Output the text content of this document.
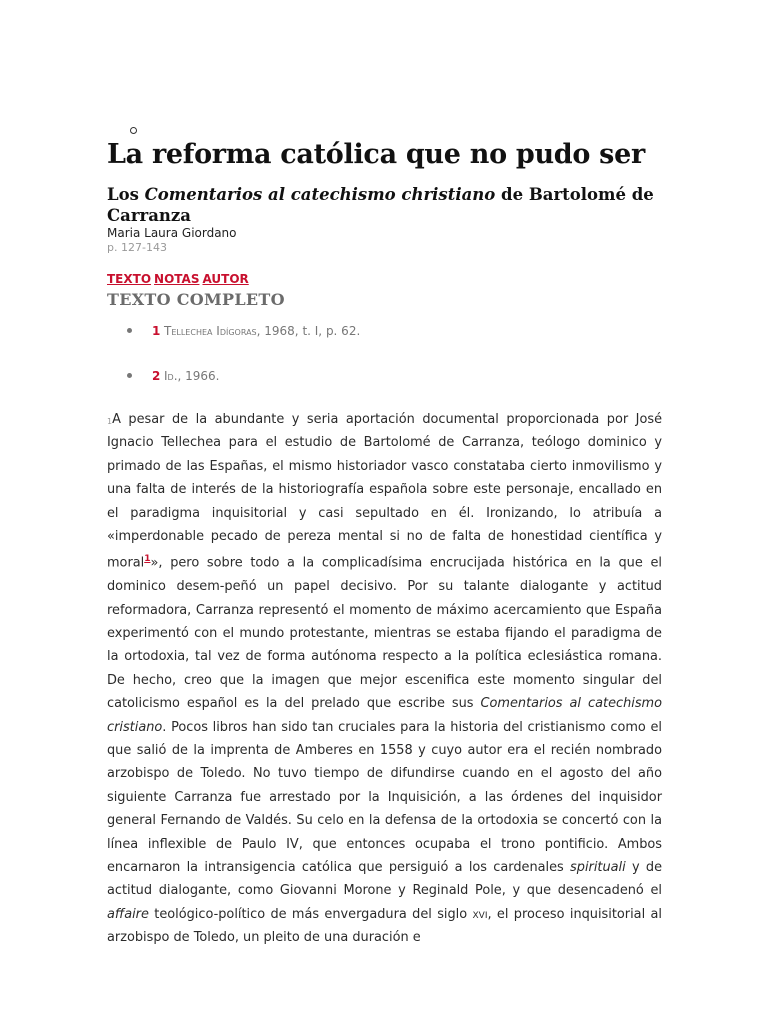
La reforma católica que no pudo ser
Los Comentarios al catechismo christiano de Bartolomé de Carranza
Maria Laura Giordano
p. 127-143
TEXTO NOTAS AUTOR
TEXTO COMPLETO
1 Tellechea Idígoras, 1968, t. I, p. 62.
2 Id., 1966.

$^1$A pesar de la abundante y seria aportación documental proporcionada por José Ignacio Tellechea para el estudio de Bartolomé de Carranza, teólogo dominico y primado de las Españas, el mismo historiador vasco constataba cierto inmovilismo y una falta de interés de la historiografía española sobre este personaje, encallado en el paradigma inquisitorial y casi sepultado en él. Ironizando, lo atribuía a «imperdonable pecado de pereza mental si no de falta de honestidad científica y moral$^1$», pero sobre todo a la complicadísima encrucijada histórica en la que el dominico desem-peñó un papel decisivo. Por su talante dialogante y actitud reformadora, Carranza representó el momento de máximo acercamiento que España experimentó con el mundo protestante, mientras se estaba fijando el paradigma de la ortodoxia, tal vez de forma autónoma respecto a la política eclesiástica romana. De hecho, creo que la imagen que mejor escenifica este momento singular del catolicismo español es la del prelado que escribe sus Comentarios al catechismo cristiano. Pocos libros han sido tan cruciales para la historia del cristianismo como el que salió de la imprenta de Amberes en 1558 y cuyo autor era el recién nombrado arzobispo de Toledo. No tuvo tiempo de difundirse cuando en el agosto del año siguiente Carranza fue arrestado por la Inquisición, a las órdenes del inquisidor general Fernando de Valdés. Su celo en la defensa de la ortodoxia se concertó con la línea inflexible de Paulo IV, que entonces ocupaba el trono pontificio. Ambos encarnaron la intransigencia católica que persiguió a los cardenales spirituali y de actitud dialogante, como Giovanni Morone y Reginald Pole, y que desencadenó el affaire teológico-político de más envergadura del siglo xvi, el proceso inquisitorial al arzobispo de Toledo, un pleito de una duración e
